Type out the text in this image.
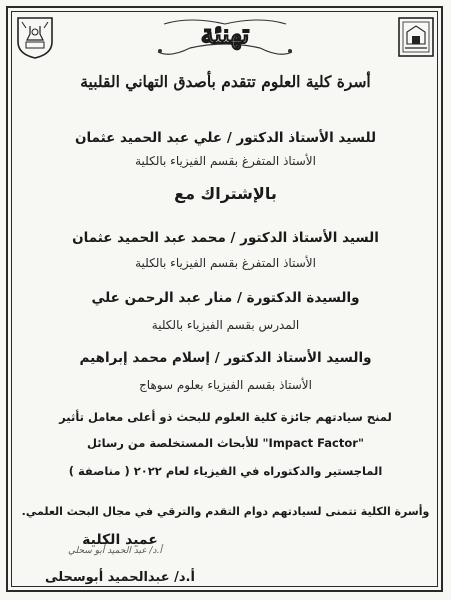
تهنئة
أسرة كلية العلوم تتقدم بأصدق التهاني القلبية
للسيد الأستاذ الدكتور / علي عبد الحميد عثمان
الأستاذ المتفرغ بقسم الفيزياء بالكلية
بالإشتراك مع
السيد الأستاذ الدكتور / محمد عبد الحميد عثمان
الأستاذ المتفرغ بقسم الفيزياء بالكلية
والسيدة الدكتورة / منار عبد الرحمن علي
المدرس بقسم الفيزياء بالكلية
والسيد الأستاذ الدكتور / إسلام محمد إبراهيم
الأستاذ بقسم الفيزياء بعلوم سوهاج
لمنح سيادتهم جائزة كلية العلوم للبحث ذو أعلى معامل تأثير
"Impact Factor" للأبحاث المستخلصة من رسائل
الماجستير والدكتوراه في الفيزياء لعام ٢٠٢٢ ( مناصفة )
وأسرة الكلية تتمنى لسيادتهم دوام التقدم والترقي في مجال البحث العلمي.
عميد الكلية
أ.د/ عبد الحميد أبو سحلي
أ.د/ عبدالحميد أبوسحلى
